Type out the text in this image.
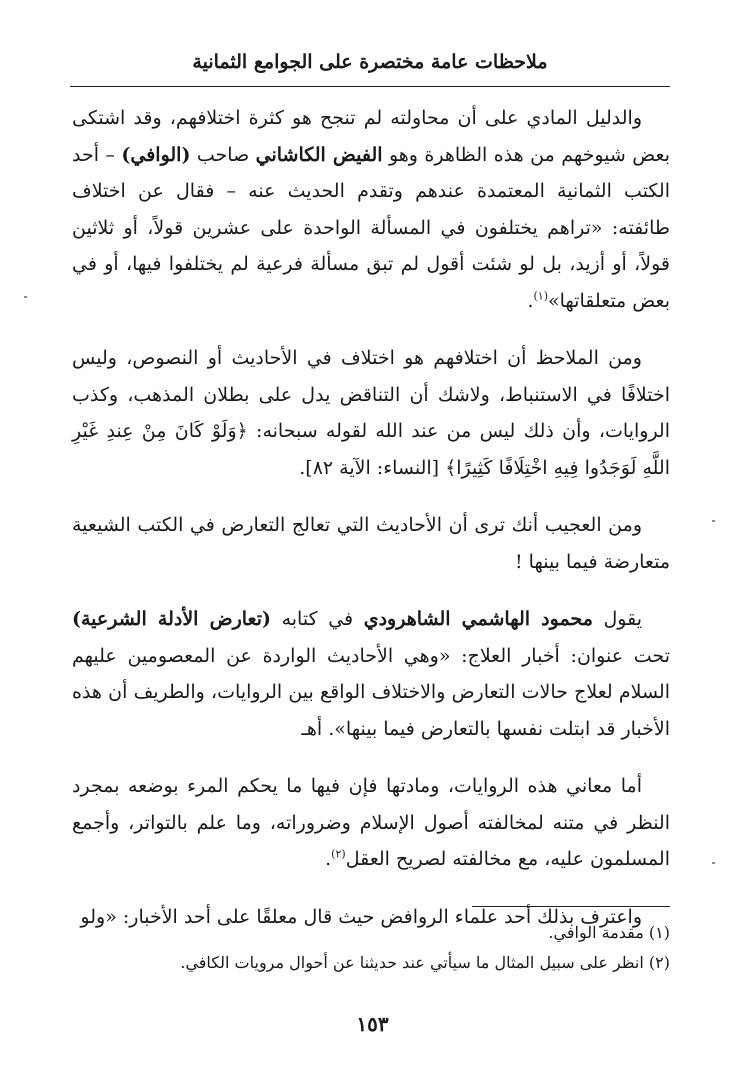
ملاحظات عامة مختصرة على الجوامع الثمانية

والدليل المادي على أن محاولته لم تنجح هو كثرة اختلافهم، وقد اشتكى بعض شيوخهم من هذه الظاهرة وهو الفيض الكاشاني صاحب (الوافي) – أحد الكتب الثمانية المعتمدة عندهم وتقدم الحديث عنه – فقال عن اختلاف طائفته: «تراهم يختلفون في المسألة الواحدة على عشرين قولاً، أو ثلاثين قولاً، أو أزيد، بل لو شئت أقول لم تبق مسألة فرعية لم يختلفوا فيها، أو في بعض متعلقاتها»$^{(١)}$.

ومن الملاحظ أن اختلافهم هو اختلاف في الأحاديث أو النصوص، وليس اختلافًا في الاستنباط، ولاشك أن التناقض يدل على بطلان المذهب، وكذب الروايات، وأن ذلك ليس من عند الله لقوله سبحانه: ﴿وَلَوْ كَانَ مِنْ عِندِ غَيْرِ اللَّهِ لَوَجَدُوا فِيهِ اخْتِلَافًا كَثِيرًا﴾ [النساء: الآية ٨٢].

ومن العجيب أنك ترى أن الأحاديث التي تعالج التعارض في الكتب الشيعية متعارضة فيما بينها !

يقول محمود الهاشمي الشاهرودي في كتابه (تعارض الأدلة الشرعية) تحت عنوان: أخبار العلاج: «وهي الأحاديث الواردة عن المعصومين عليهم السلام لعلاج حالات التعارض والاختلاف الواقع بين الروايات، والطريف أن هذه الأخبار قد ابتلت نفسها بالتعارض فيما بينها». أهـ

أما معاني هذه الروايات، ومادتها فإن فيها ما يحكم المرء بوضعه بمجرد النظر في متنه لمخالفته أصول الإسلام وضروراته، وما علم بالتواتر، وأجمع المسلمون عليه، مع مخالفته لصريح العقل$^{(٢)}$.

واعترف بذلك أحد علماء الروافض حيث قال معلقًا على أحد الأخبار: «ولو

(١) مقدمة الوافي.
(٢) انظر على سبيل المثال ما سيأتي عند حديثنا عن أحوال مرويات الكافي.
١٥٣
